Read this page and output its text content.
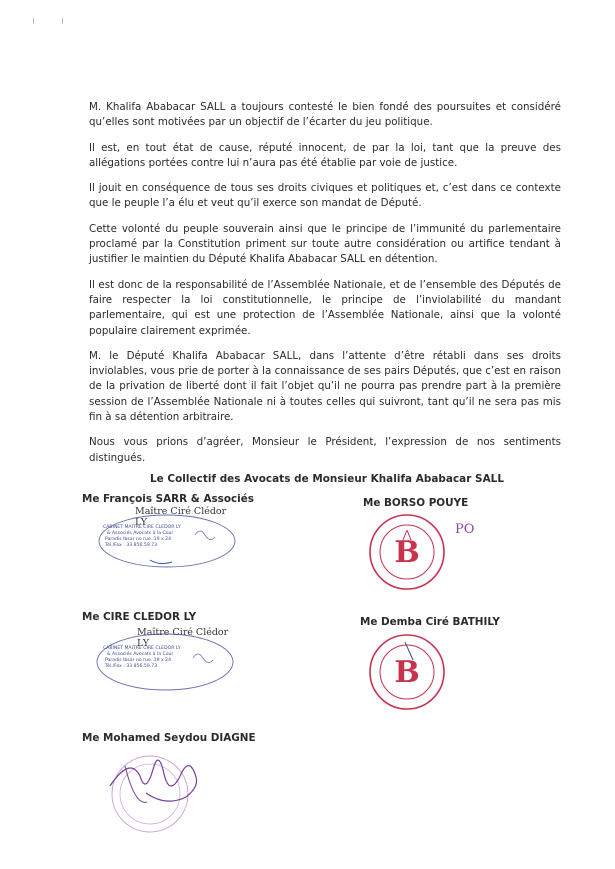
M. Khalifa Ababacar SALL a toujours contesté le bien fondé des poursuites et considéré qu’elles sont motivées par un objectif de l’écarter du jeu politique.

Il est, en tout état de cause, réputé innocent, de par la loi, tant que la preuve des allégations portées contre lui n’aura pas été établie par voie de justice.

Il jouit en conséquence de tous ses droits civiques et politiques et, c’est dans ce contexte que le peuple l’a élu et veut qu’il exerce son mandat de Député.

Cette volonté du peuple souverain ainsi que le principe de l’immunité du parlementaire proclamé par la Constitution priment sur toute autre considération ou artifice tendant à justifier le maintien du Député Khalifa Ababacar SALL en détention.

Il est donc de la responsabilité de l’Assemblée Nationale, et de l’ensemble des Députés de faire respecter la loi constitutionnelle, le principe de l’inviolabilité du mandant parlementaire, qui est une protection de l’Assemblée Nationale, ainsi que la volonté populaire clairement exprimée.

M. le Député Khalifa Ababacar SALL, dans l’attente d’être rétabli dans ses droits inviolables, vous prie de porter à la connaissance de ses pairs Députés, que c’est en raison de la privation de liberté dont il fait l’objet qu’il ne pourra pas prendre part à la première session de l’Assemblée Nationale ni à toutes celles qui suivront, tant qu’il ne sera pas mis fin à sa détention arbitraire.

Nous vous prions d’agréer, Monsieur le Président, l’expression de nos sentiments distingués.

Le Collectif des Avocats de Monsieur Khalifa Ababacar SALL
Me François SARR & Associés	Me BORSO POUYE
Me CIRE CLEDOR LY	Me Demba Ciré BATHILY
Me Mohamed Seydou DIAGNE
Maître Ciré Clédor LY
CABINET MAITRE CIRE CLEDOR LY
& Associés Avocats à la Cour
Paradis Ibsar no rue..19 x 24
Tél./Fax : 33 856.59.73
Maître Ciré Clédor LY
CABINET MAITRE CIRE CLEDOR LY
& Associés Avocats à la Cour
Paradis Ibsar no rue..19 x 24
Tél./Fax : 33 856.59.73
B
PO
B
